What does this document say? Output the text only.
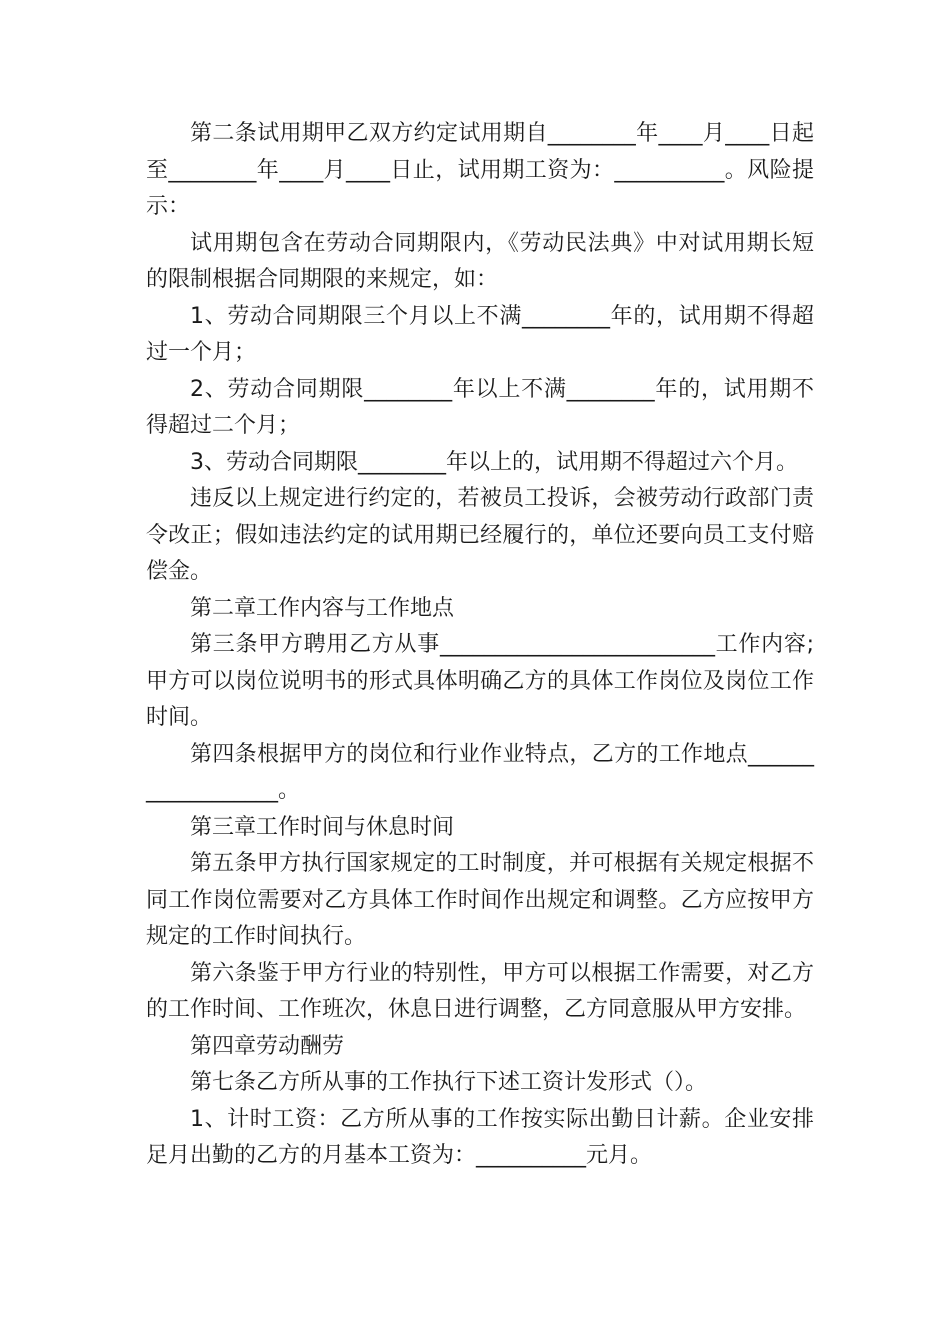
第二条试用期甲乙双方约定试用期自________年____月____日起至________年____月____日止，试用期工资为：__________。风险提示：

试用期包含在劳动合同期限内，《劳动民法典》中对试用期长短的限制根据合同期限的来规定，如：

1、劳动合同期限三个月以上不满________年的，试用期不得超过一个月；

2、劳动合同期限________年以上不满________年的，试用期不得超过二个月；

3、劳动合同期限________年以上的，试用期不得超过六个月。

违反以上规定进行约定的，若被员工投诉，会被劳动行政部门责令改正；假如违法约定的试用期已经履行的，单位还要向员工支付赔偿金。

第二章工作内容与工作地点

第三条甲方聘用乙方从事_________________________工作内容;甲方可以岗位说明书的形式具体明确乙方的具体工作岗位及岗位工作时间。

第四条根据甲方的岗位和行业作业特点，乙方的工作地点__________________。

第三章工作时间与休息时间

第五条甲方执行国家规定的工时制度，并可根据有关规定根据不同工作岗位需要对乙方具体工作时间作出规定和调整。乙方应按甲方规定的工作时间执行。

第六条鉴于甲方行业的特别性，甲方可以根据工作需要，对乙方的工作时间、工作班次，休息日进行调整，乙方同意服从甲方安排。

第四章劳动酬劳

第七条乙方所从事的工作执行下述工资计发形式（）。

1、计时工资：乙方所从事的工作按实际出勤日计薪。企业安排足月出勤的乙方的月基本工资为：__________元月。
